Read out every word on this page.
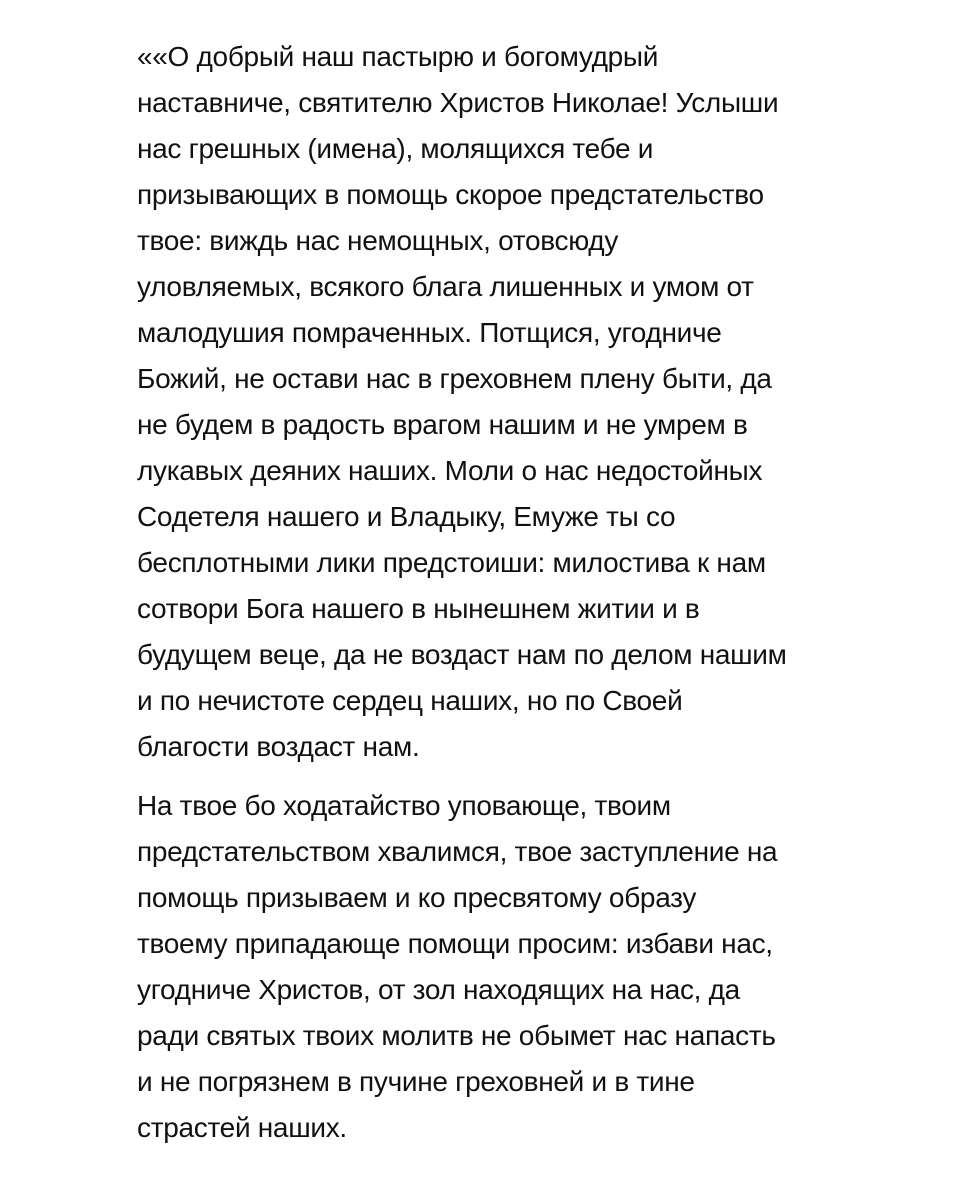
««О добрый наш пастырю и богомудрый
наставниче, святителю Христов Николае! Услыши
нас грешных (имена), молящихся тебе и
призывающих в помощь скорое предстательство
твое: виждь нас немощных, отовсюду
уловляемых, всякого блага лишенных и умом от
малодушия помраченных. Потщися, угодниче
Божий, не остави нас в греховнем плену быти, да
не будем в радость врагом нашим и не умрем в
лукавых деяних наших. Моли о нас недостойных
Содетеля нашего и Владыку, Емуже ты со
бесплотными лики предстоиши: милостива к нам
сотвори Бога нашего в нынешнем житии и в
будущем веце, да не воздаст нам по делом нашим
и по нечистоте сердец наших, но по Своей
благости воздаст нам.

На твое бо ходатайство уповающе, твоим
предстательством хвалимся, твое заступление на
помощь призываем и ко пресвятому образу
твоему припадающе помощи просим: избави нас,
угодниче Христов, от зол находящих на нас, да
ради святых твоих молитв не обымет нас напасть
и не погрязнем в пучине греховней и в тине
страстей наших.
